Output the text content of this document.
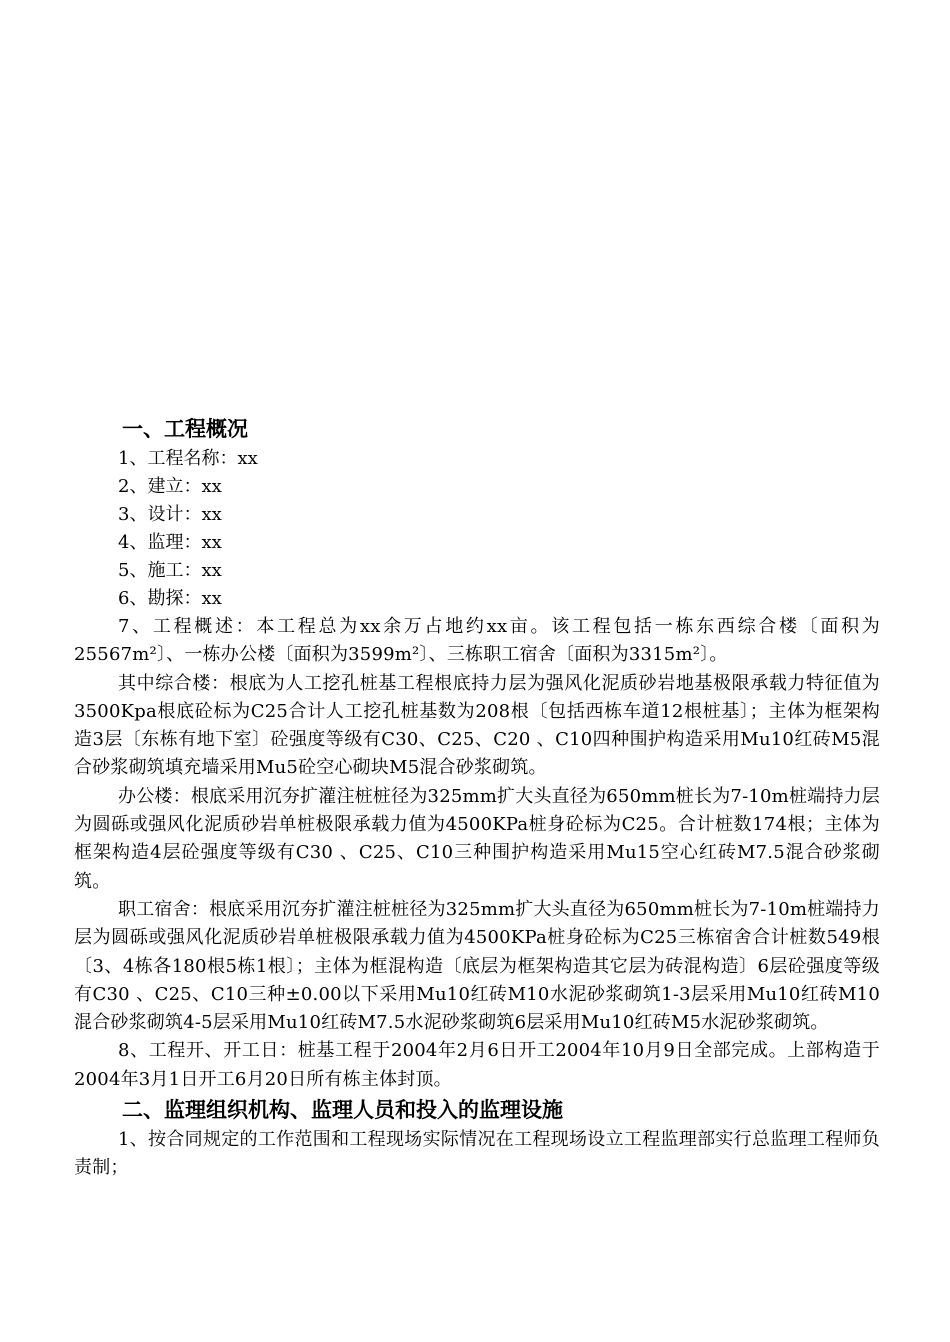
一、工程概况
1、工程名称：xx
2、建立：xx
3、设计：xx
4、监理：xx
5、施工：xx
6、勘探：xx

7、工程概述：本工程总为xx余万占地约xx亩。该工程包括一栋东西综合楼〔面积为25567m²〕、一栋办公楼〔面积为3599m²〕、三栋职工宿舍〔面积为3315m²〕。

其中综合楼：根底为人工挖孔桩基工程根底持力层为强风化泥质砂岩地基极限承载力特征值为3500Kpa根底砼标为C25合计人工挖孔桩基数为208根〔包括西栋车道12根桩基〕；主体为框架构造3层〔东栋有地下室〕砼强度等级有C30、C25、C20 、C10四种围护构造采用Mu10红砖M5混合砂浆砌筑填充墙采用Mu5砼空心砌块M5混合砂浆砌筑。

办公楼：根底采用沉夯扩灌注桩桩径为325mm扩大头直径为650mm桩长为7-10m桩端持力层为圆砾或强风化泥质砂岩单桩极限承载力值为4500KPa桩身砼标为C25。合计桩数174根；主体为框架构造4层砼强度等级有C30 、C25、C10三种围护构造采用Mu15空心红砖M7.5混合砂浆砌筑。

职工宿舍：根底采用沉夯扩灌注桩桩径为325mm扩大头直径为650mm桩长为7-10m桩端持力层为圆砾或强风化泥质砂岩单桩极限承载力值为4500KPa桩身砼标为C25三栋宿舍合计桩数549根〔3、4栋各180根5栋1根〕；主体为框混构造〔底层为框架构造其它层为砖混构造〕6层砼强度等级有C30 、C25、C10三种±0.00以下采用Mu10红砖M10水泥砂浆砌筑1-3层采用Mu10红砖M10混合砂浆砌筑4-5层采用Mu10红砖M7.5水泥砂浆砌筑6层采用Mu10红砖M5水泥砂浆砌筑。

8、工程开、开工日：桩基工程于2004年2月6日开工2004年10月9日全部完成。上部构造于2004年3月1日开工6月20日所有栋主体封顶。

二、监理组织机构、监理人员和投入的监理设施

1、按合同规定的工作范围和工程现场实际情况在工程现场设立工程监理部实行总监理工程师负责制；
